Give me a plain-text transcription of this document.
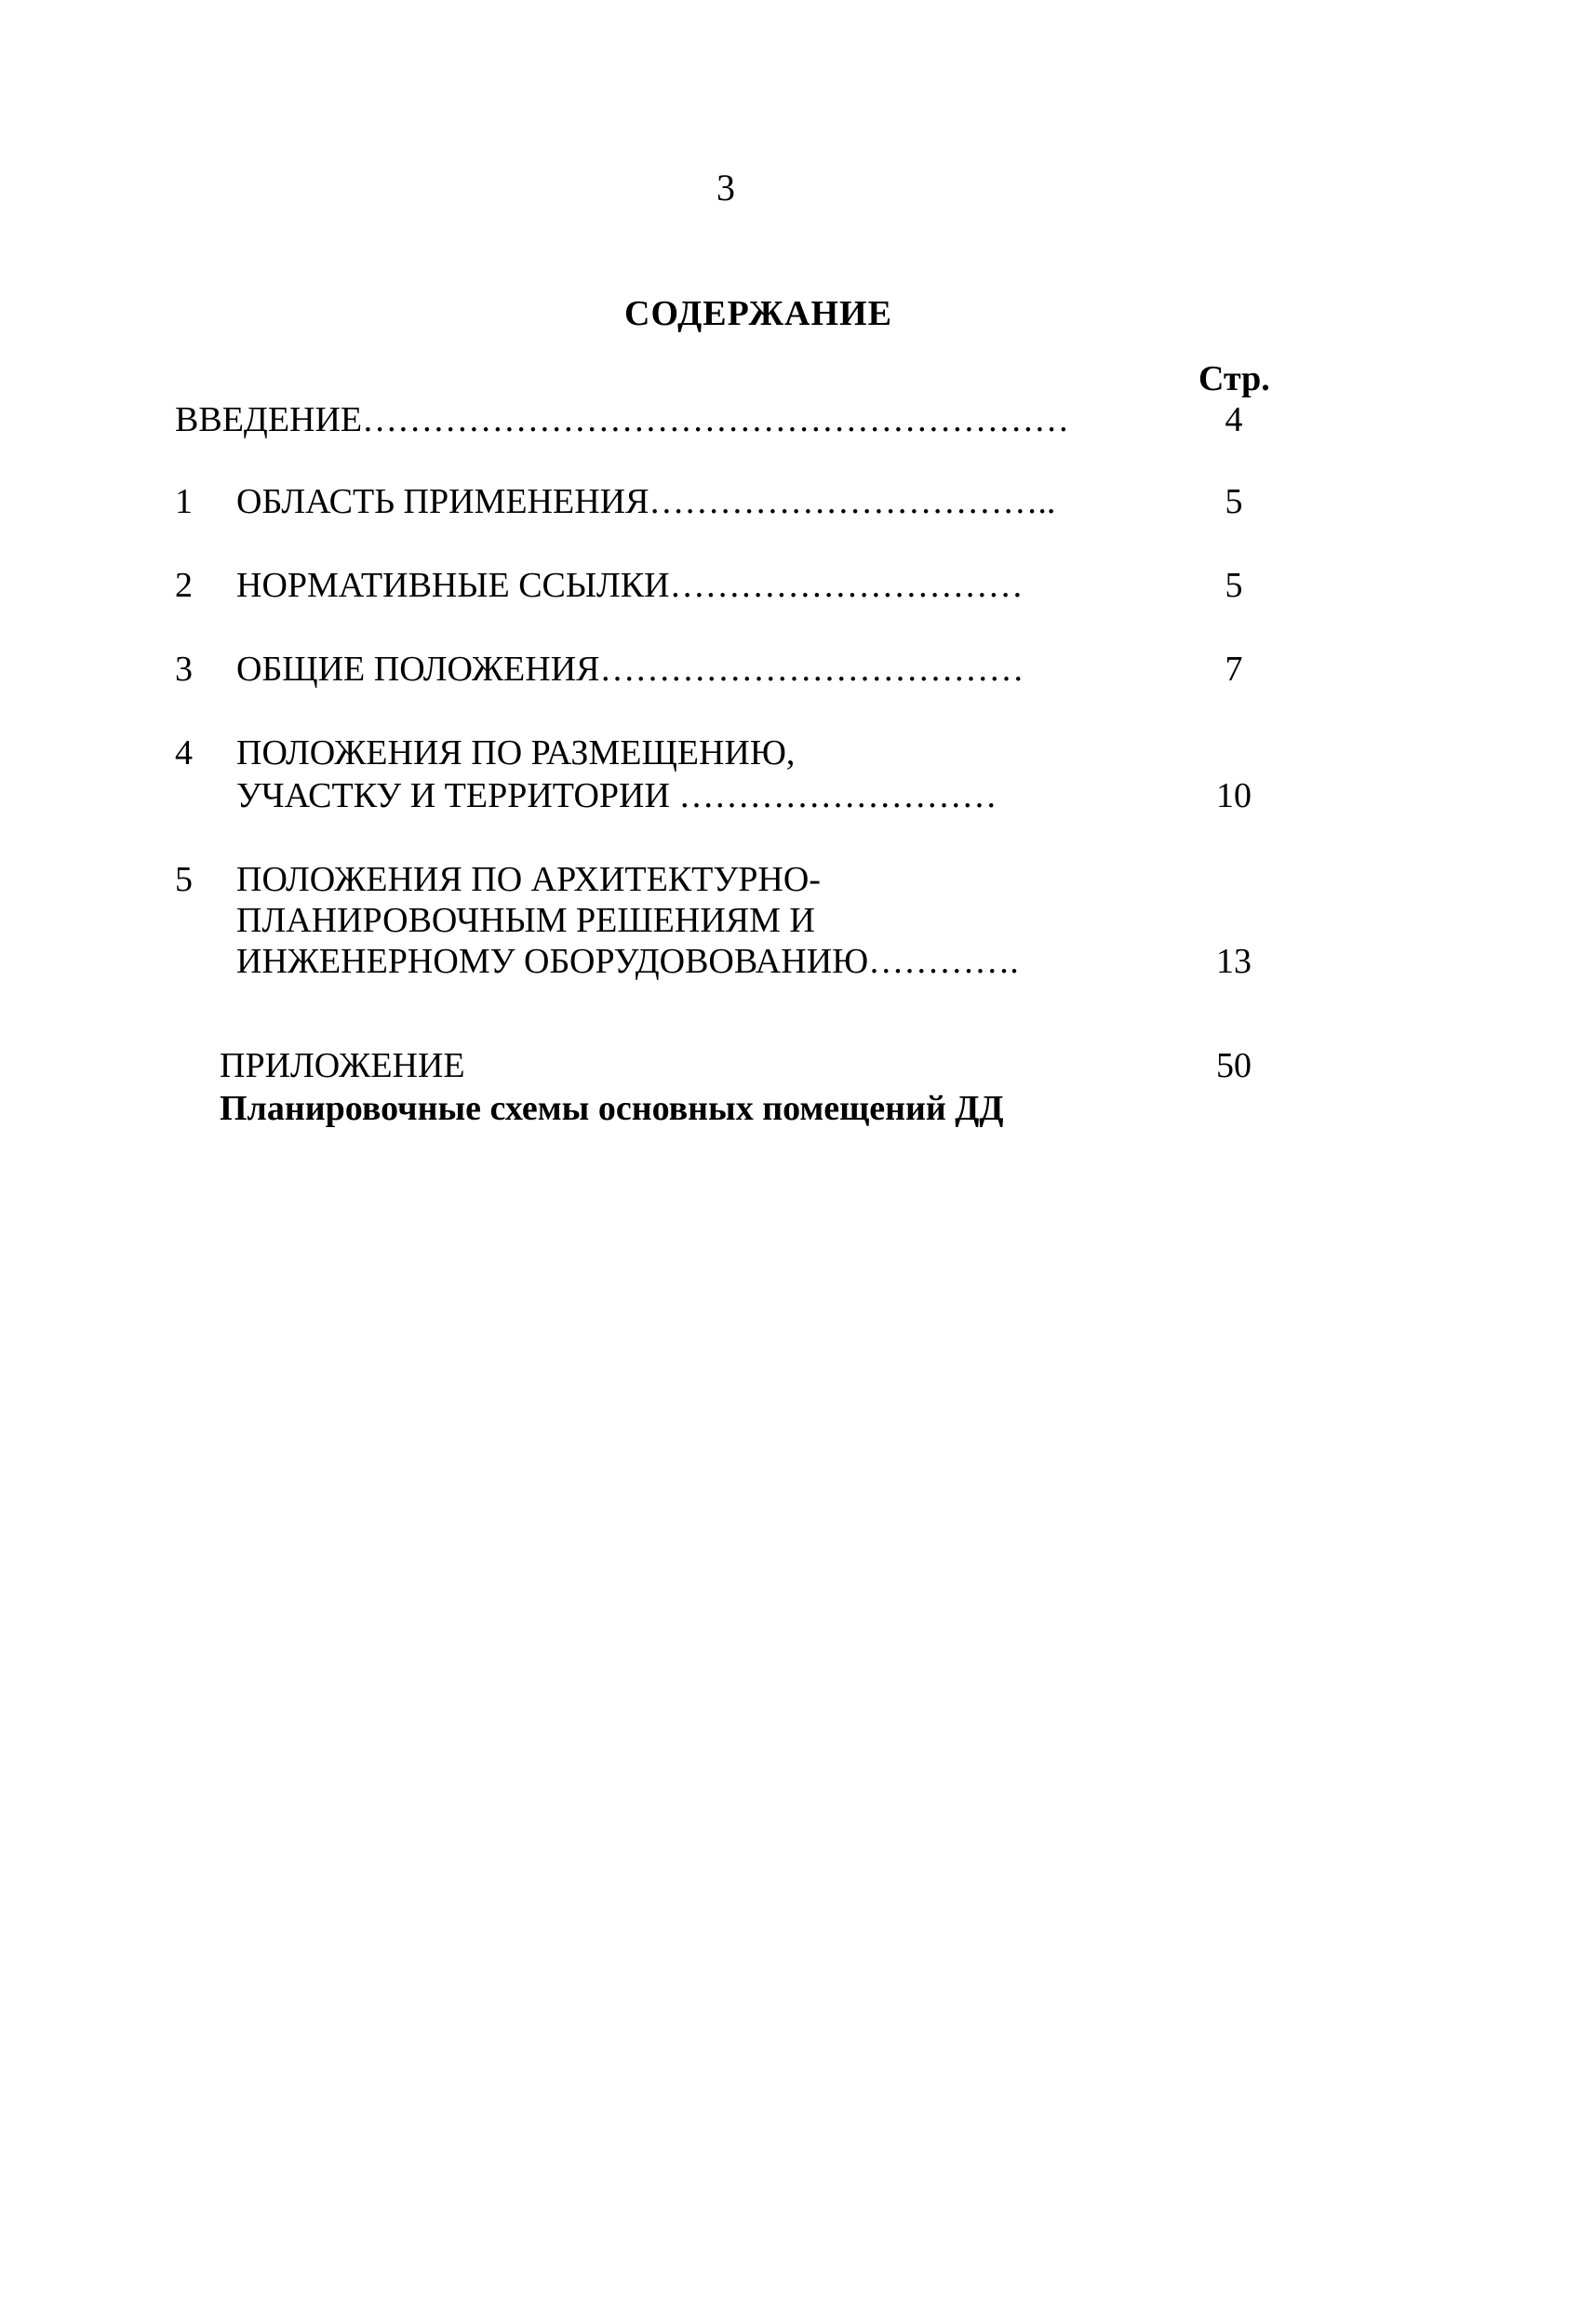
3
СОДЕРЖАНИЕ
Стр.
ВВЕДЕНИЕ……………………………………………………	4
1 ОБЛАСТЬ ПРИМЕНЕНИЯ……………………………..	5
2 НОРМАТИВНЫЕ ССЫЛКИ…………………………	5
3 ОБЩИЕ ПОЛОЖЕНИЯ………………………………	7
4 ПОЛОЖЕНИЯ ПО РАЗМЕЩЕНИЮ,
УЧАСТКУ И ТЕРРИТОРИИ ………………………	10
5 ПОЛОЖЕНИЯ ПО АРХИТЕКТУРНО-
ПЛАНИРОВОЧНЫМ РЕШЕНИЯМ И
ИНЖЕНЕРНОМУ ОБОРУДОВОВАНИЮ………….	13
ПРИЛОЖЕНИЕ	50
Планировочные схемы основных помещений ДД
